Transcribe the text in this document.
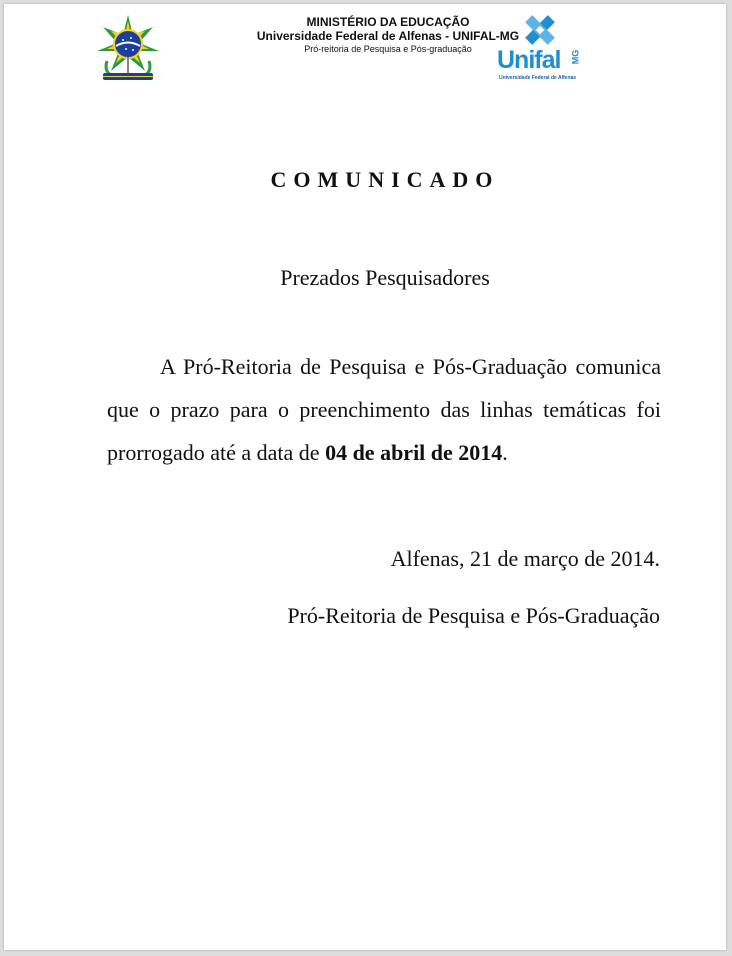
MINISTÉRIO DA EDUCAÇÃO
Universidade Federal de Alfenas - UNIFAL-MG
Pró-reitoria de Pesquisa e Pós-graduação	Unifal MG
Universidade Federal de Alfenas
COMUNICADO
Prezados Pesquisadores
A Pró-Reitoria de Pesquisa e Pós-Graduação comunica que o prazo para o preenchimento das linhas temáticas foi prorrogado até a data de 04 de abril de 2014.
Alfenas, 21 de março de 2014.
Pró-Reitoria de Pesquisa e Pós-Graduação
